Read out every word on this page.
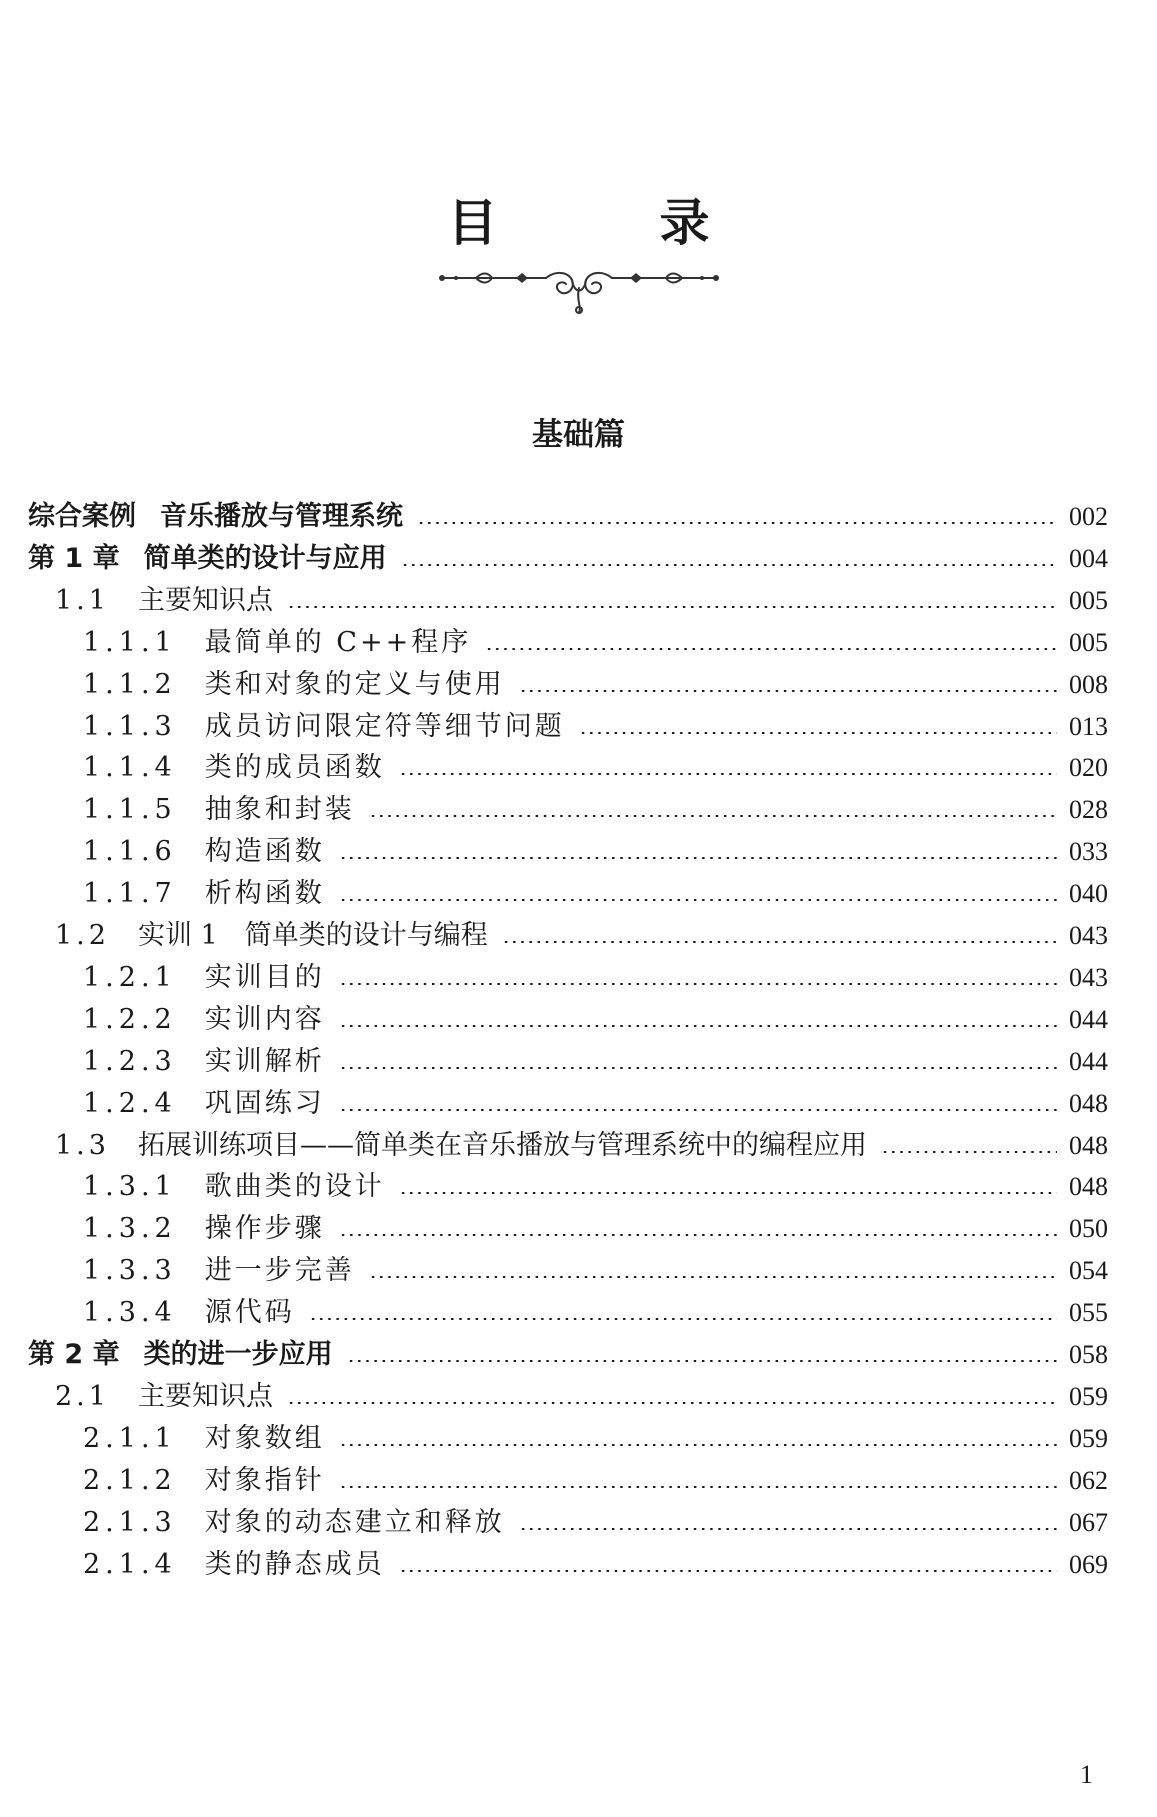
目　录
基础篇
综合案例 音乐播放与管理系统	002
第 1 章 简单类的设计与应用	004
1.1 主要知识点	005
1.1.1 最简单的 C++程序	005
1.1.2 类和对象的定义与使用	008
1.1.3 成员访问限定符等细节问题	013
1.1.4 类的成员函数	020
1.1.5 抽象和封装	028
1.1.6 构造函数	033
1.1.7 析构函数	040
1.2 实训 1　简单类的设计与编程	043
1.2.1 实训目的	043
1.2.2 实训内容	044
1.2.3 实训解析	044
1.2.4 巩固练习	048
1.3 拓展训练项目——简单类在音乐播放与管理系统中的编程应用	048
1.3.1 歌曲类的设计	048
1.3.2 操作步骤	050
1.3.3 进一步完善	054
1.3.4 源代码	055
第 2 章 类的进一步应用	058
2.1 主要知识点	059
2.1.1 对象数组	059
2.1.2 对象指针	062
2.1.3 对象的动态建立和释放	067
2.1.4 类的静态成员	069
1
